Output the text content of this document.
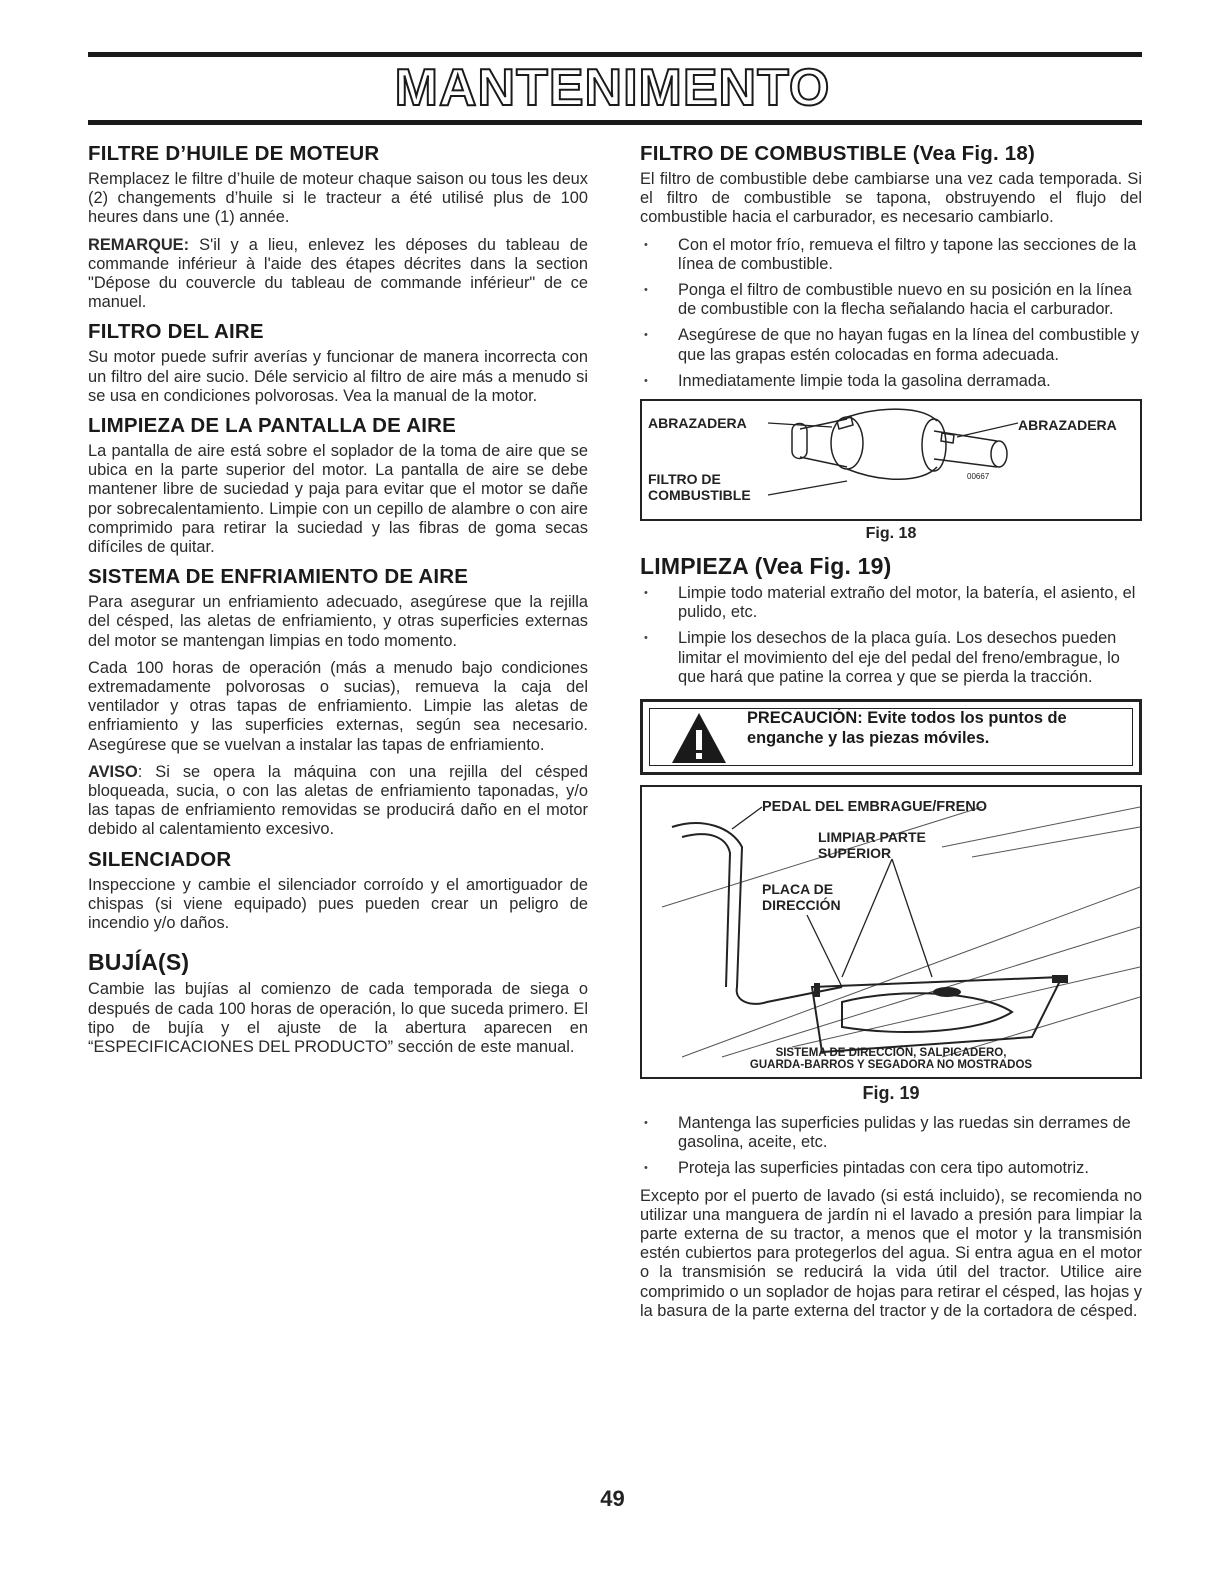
MANTENIMENTO
FILTRE D’HUILE DE MOTEUR

Remplacez le filtre d’huile de moteur chaque saison ou tous les deux (2) changements d’huile si le tracteur a été utilisé plus de 100 heures dans une (1) année.

REMARQUE: S'il y a lieu, enlevez les déposes du tableau de commande inférieur à l'aide des étapes décrites dans la section "Dépose du couvercle du tableau de commande inférieur" de ce manuel.

FILTRO DEL AIRE

Su motor puede sufrir averías y funcionar de manera incorrecta con un filtro del aire sucio. Déle servicio al filtro de aire más a menudo si se usa en condiciones polvorosas. Vea la manual de la motor.

LIMPIEZA DE LA PANTALLA DE AIRE

La pantalla de aire está sobre el soplador de la toma de aire que se ubica en la parte superior del motor. La pantalla de aire se debe mantener libre de suciedad y paja para evitar que el motor se dañe por sobrecalentamiento. Limpie con un cepillo de alambre o con aire comprimido para retirar la suciedad y las fibras de goma secas difíciles de quitar.

SISTEMA DE ENFRIAMIENTO DE AIRE

Para asegurar un enfriamiento adecuado, asegúrese que la rejilla del césped, las aletas de enfriamiento, y otras superficies externas del motor se mantengan limpias en todo momento.

Cada 100 horas de operación (más a menudo bajo condiciones extremadamente polvorosas o sucias), remueva la caja del ventilador y otras tapas de enfriamiento. Limpie las aletas de enfriamiento y las superficies externas, según sea necesario. Asegúrese que se vuelvan a instalar las tapas de enfriamiento.

AVISO: Si se opera la máquina con una rejilla del césped bloqueada, sucia, o con las aletas de enfriamiento taponadas, y/o las tapas de enfriamiento removidas se producirá daño en el motor debido al calentamiento excesivo.

SILENCIADOR

Inspeccione y cambie el silenciador corroído y el amortiguador de chispas (si viene equipado) pues pueden crear un peligro de incendio y/o daños.

BUJÍA(S)

Cambie las bujías al comienzo de cada temporada de siega o después de cada 100 horas de operación, lo que suceda primero. El tipo de bujía y el ajuste de la abertura aparecen en “ESPECIFICACIONES DEL PRODUCTO” sección de este manual.

FILTRO DE COMBUSTIBLE (Vea Fig. 18)

El filtro de combustible debe cambiarse una vez cada temporada. Si el filtro de combustible se tapona, obstruyendo el flujo del combustible hacia el carburador, es necesario cambiarlo.

• Con el motor frío, remueva el filtro y tapone las secciones de la línea de combustible.
• Ponga el filtro de combustible nuevo en su posición en la línea de combustible con la flecha señalando hacia el carburador.
• Asegúrese de que no hayan fugas en la línea del combustible y que las grapas estén colocadas en forma adecuada.
• Inmediatamente limpie toda la gasolina derramada.
ABRAZADERA	ABRAZADERA
FILTRO DE
COMBUSTIBLE
00667
Fig. 18
LIMPIEZA (Vea Fig. 19)
• Limpie todo material extraño del motor, la batería, el asiento, el pulido, etc.
• Limpie los desechos de la placa guía. Los desechos pueden limitar el movimiento del eje del pedal del freno/embrague, lo que hará que patine la correa y que se pierda la tracción.
PRECAUCIÓN: Evite todos los puntos de enganche y las piezas móviles.
PEDAL DEL EMBRAGUE/FRENO
LIMPIAR PARTE
SUPERIOR
PLACA DE
DIRECCIÓN
SISTEMA DE DIRECCIÓN, SALPICADERO,
GUARDA-BARROS Y SEGADORA NO MOSTRADOS
Fig. 19
• Mantenga las superficies pulidas y las ruedas sin derrames de gasolina, aceite, etc.
• Proteja las superficies pintadas con cera tipo automotriz.

Excepto por el puerto de lavado (si está incluido), se recomienda no utilizar una manguera de jardín ni el lavado a presión para limpiar la parte externa de su tractor, a menos que el motor y la transmisión estén cubiertos para protegerlos del agua. Si entra agua en el motor o la transmisión se reducirá la vida útil del tractor. Utilice aire comprimido o un soplador de hojas para retirar el césped, las hojas y la basura de la parte externa del tractor y de la cortadora de césped.

49
